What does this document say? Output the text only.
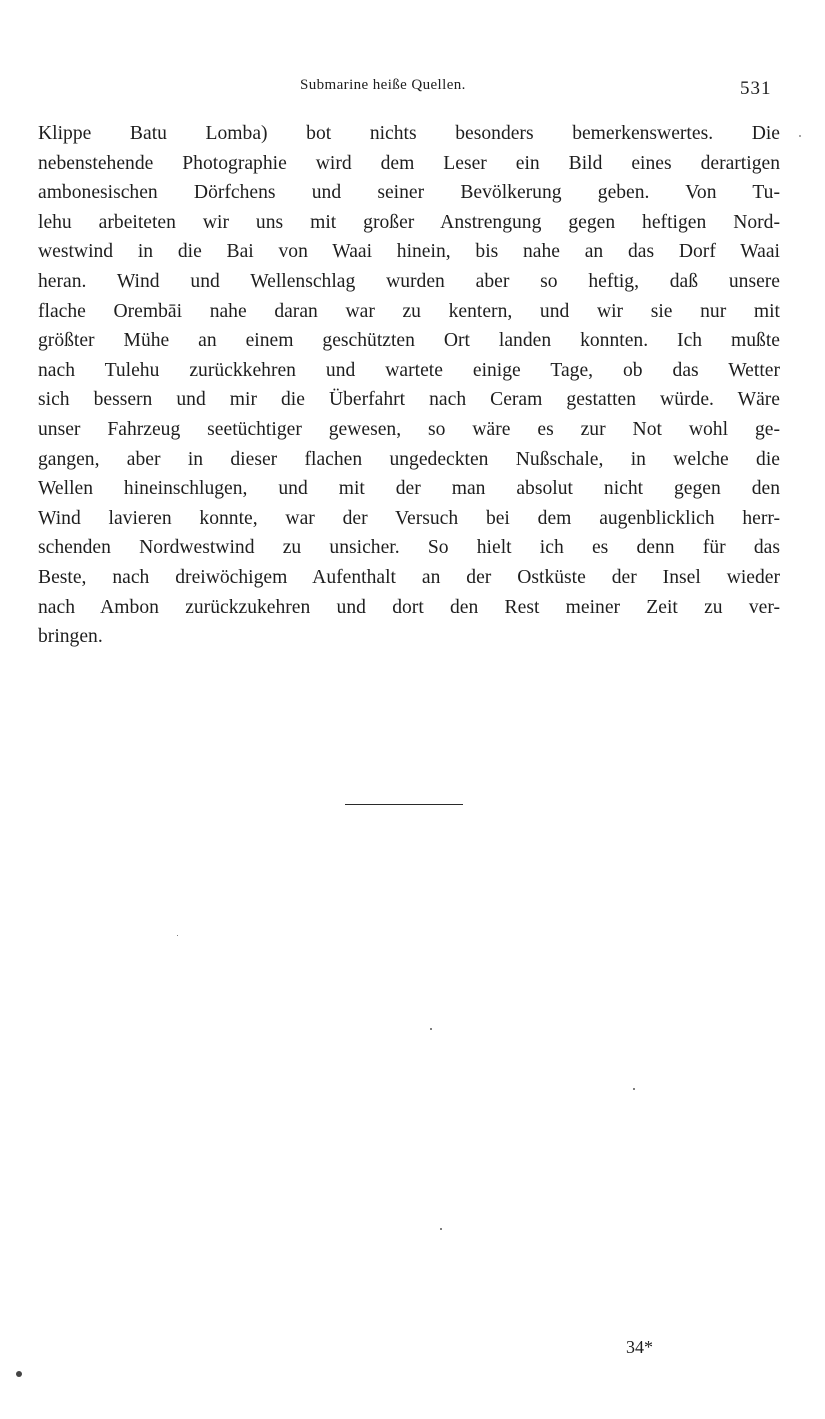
Submarine heiße Quellen.	531
Klippe Batu Lomba) bot nichts besonders bemerkenswertes. Die
nebenstehende Photographie wird dem Leser ein Bild eines derartigen
ambonesischen Dörfchens und seiner Bevölkerung geben. Von Tu-
lehu arbeiteten wir uns mit großer Anstrengung gegen heftigen Nord-
westwind in die Bai von Waai hinein, bis nahe an das Dorf Waai
heran. Wind und Wellenschlag wurden aber so heftig, daß unsere
flache Orembāi nahe daran war zu kentern, und wir sie nur mit
größter Mühe an einem geschützten Ort landen konnten. Ich mußte
nach Tulehu zurückkehren und wartete einige Tage, ob das Wetter
sich bessern und mir die Überfahrt nach Ceram gestatten würde. Wäre
unser Fahrzeug seetüchtiger gewesen, so wäre es zur Not wohl ge-
gangen, aber in dieser flachen ungedeckten Nußschale, in welche die
Wellen hineinschlugen, und mit der man absolut nicht gegen den
Wind lavieren konnte, war der Versuch bei dem augenblicklich herr-
schenden Nordwestwind zu unsicher. So hielt ich es denn für das
Beste, nach dreiwöchigem Aufenthalt an der Ostküste der Insel wieder
nach Ambon zurückzukehren und dort den Rest meiner Zeit zu ver-
bringen.
34*
